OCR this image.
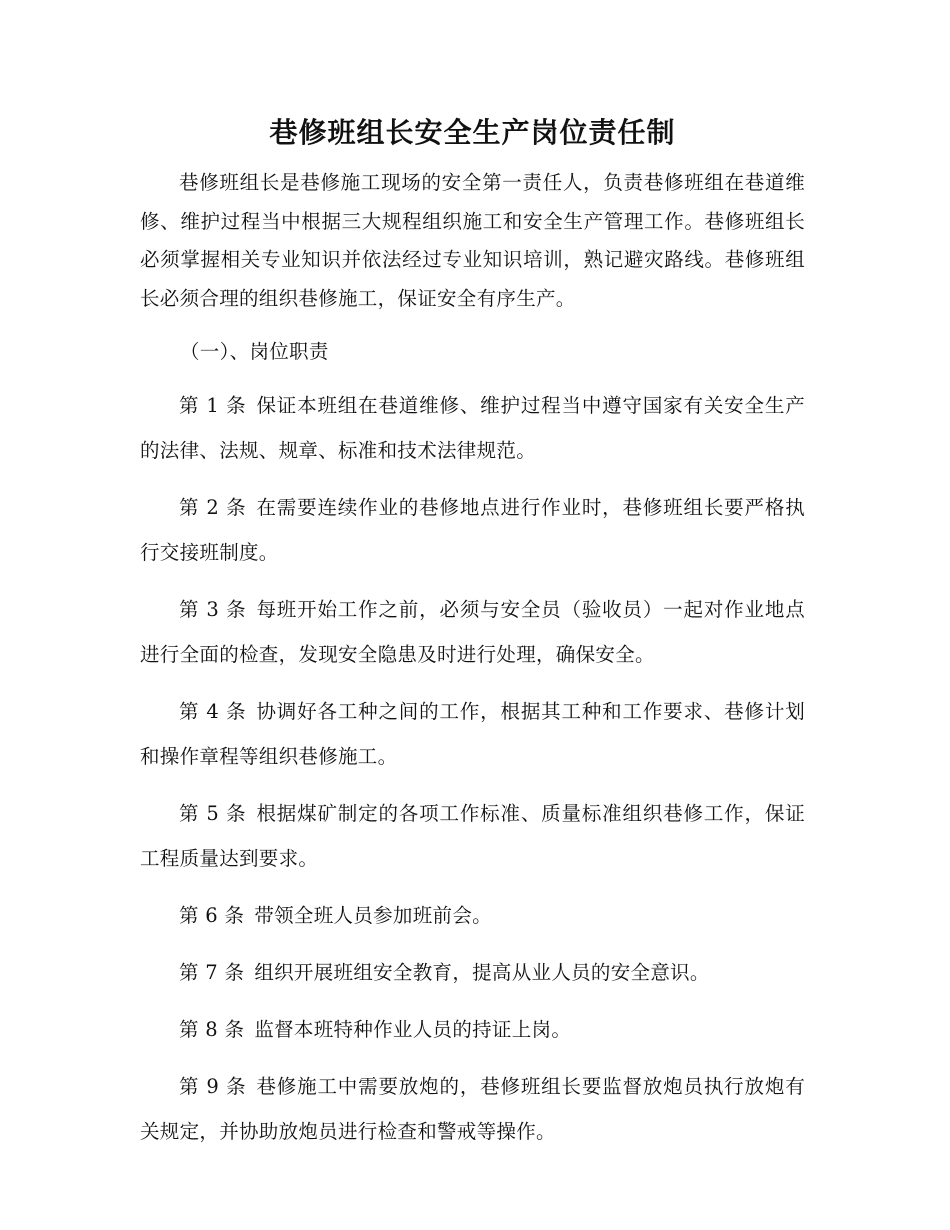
巷修班组长安全生产岗位责任制

巷修班组长是巷修施工现场的安全第一责任人，负责巷修班组在巷道维修、维护过程当中根据三大规程组织施工和安全生产管理工作。巷修班组长必须掌握相关专业知识并依法经过专业知识培训，熟记避灾路线。巷修班组长必须合理的组织巷修施工，保证安全有序生产。

（一）、岗位职责

第 1 条 保证本班组在巷道维修、维护过程当中遵守国家有关安全生产的法律、法规、规章、标准和技术法律规范。

第 2 条 在需要连续作业的巷修地点进行作业时，巷修班组长要严格执行交接班制度。

第 3 条 每班开始工作之前，必须与安全员（验收员）一起对作业地点进行全面的检查，发现安全隐患及时进行处理，确保安全。

第 4 条 协调好各工种之间的工作，根据其工种和工作要求、巷修计划和操作章程等组织巷修施工。

第 5 条 根据煤矿制定的各项工作标准、质量标准组织巷修工作，保证工程质量达到要求。

第 6 条 带领全班人员参加班前会。

第 7 条 组织开展班组安全教育，提高从业人员的安全意识。

第 8 条 监督本班特种作业人员的持证上岗。

第 9 条 巷修施工中需要放炮的，巷修班组长要监督放炮员执行放炮有关规定，并协助放炮员进行检查和警戒等操作。
